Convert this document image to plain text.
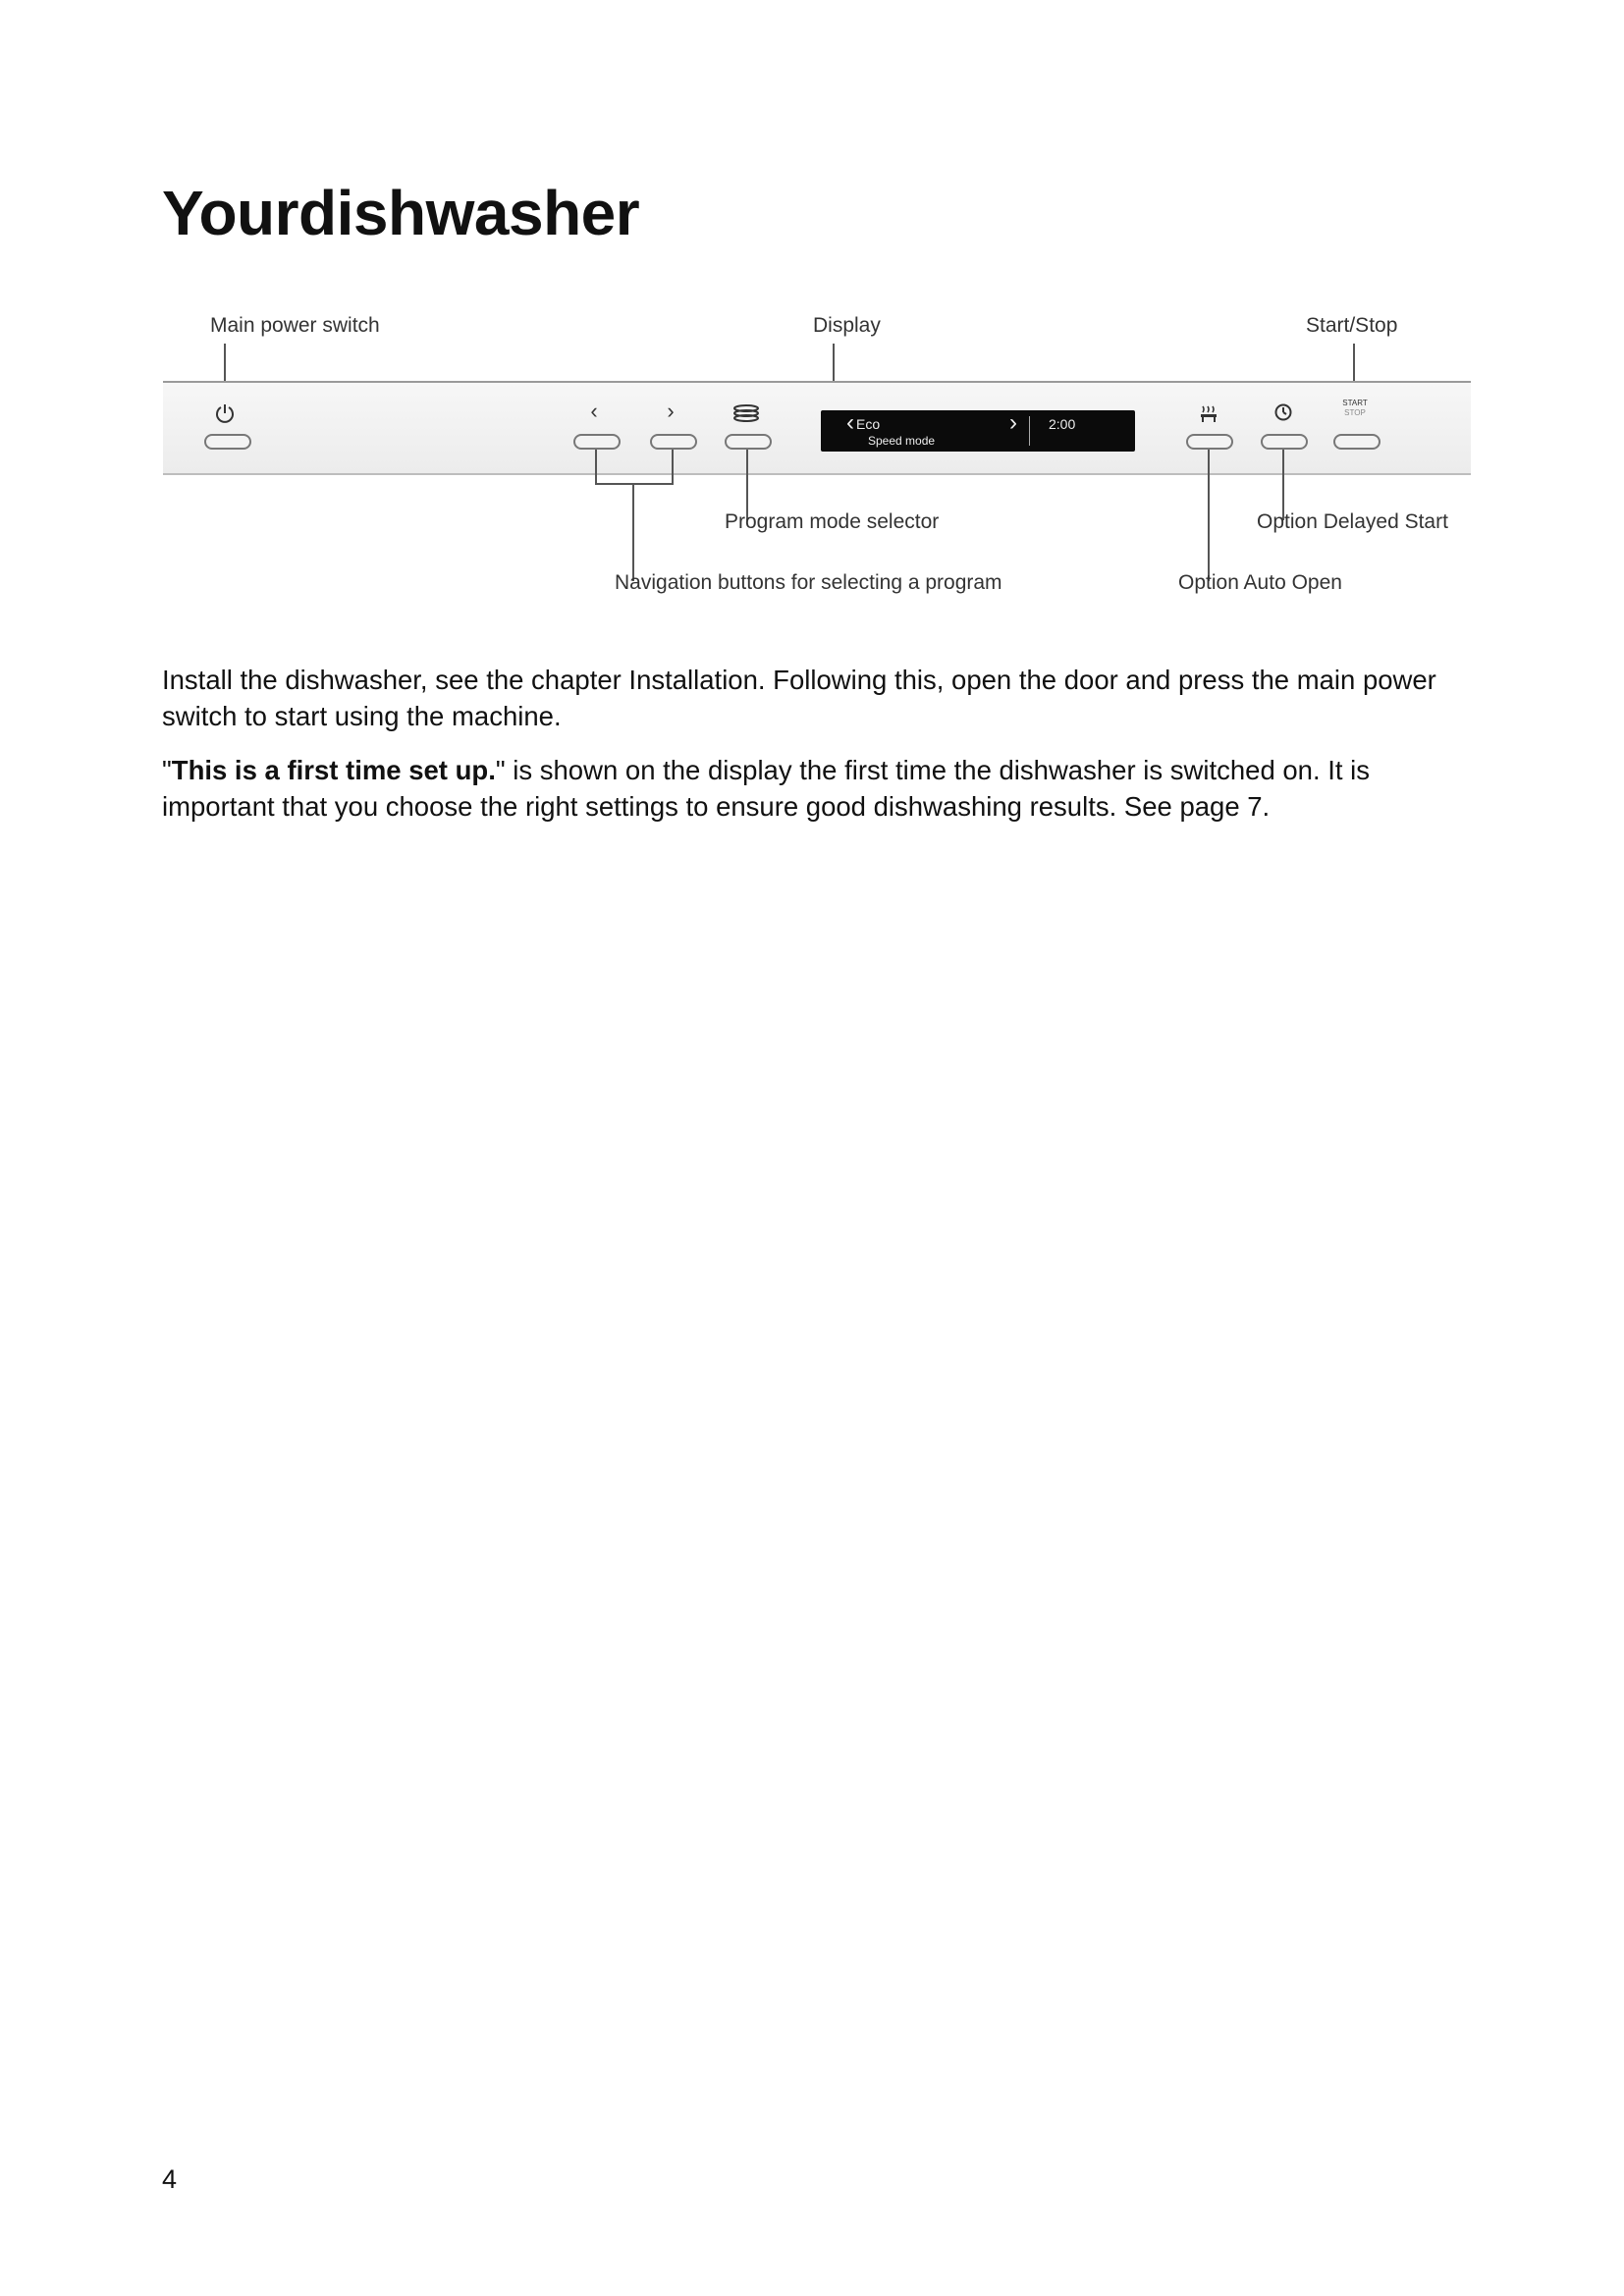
Yourdishwasher
Main power switch	Display	Start/Stop
‹	›	‹ Eco
Speed mode
› 2:00
START
STOP
Program mode selector	Option Delayed Start
Navigation buttons for selecting a program	Option Auto Open

Install the dishwasher, see the chapter Installation. Following this, open the door and press the main power switch to start using the machine.

"This is a first time set up." is shown on the display the first time the dishwasher is switched on. It is important that you choose the right settings to ensure good dishwashing results. See page 7.

4
